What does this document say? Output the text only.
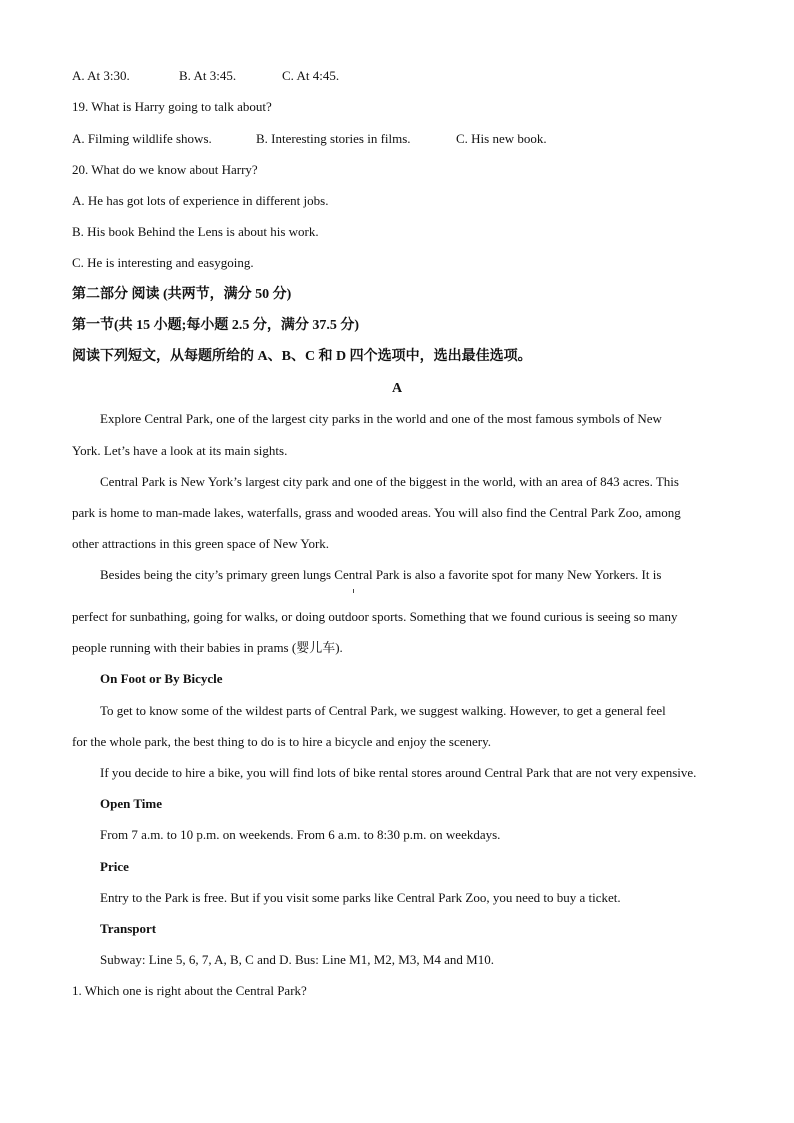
A. At 3:30.	B. At 3:45.	C. At 4:45.
19. What is Harry going to talk about?
A. Filming wildlife shows.	B. Interesting stories in films.	C. His new book.
20. What do we know about Harry?
A. He has got lots of experience in different jobs.
B. His book Behind the Lens is about his work.
C. He is interesting and easygoing.
第二部分 阅读 (共两节，满分 50 分)
第一节(共 15 小题;每小题 2.5 分，满分 37.5 分)
阅读下列短文，从每题所给的 A、B、C 和 D 四个选项中，选出最佳选项。
A
Explore Central Park, one of the largest city parks in the world and one of the most famous symbols of New
York. Let’s have a look at its main sights.
Central Park is New York’s largest city park and one of the biggest in the world, with an area of 843 acres. This
park is home to man-made lakes, waterfalls, grass and wooded areas. You will also find the Central Park Zoo, among
other attractions in this green space of New York.
Besides being the city’s primary green lungs Central Park is also a favorite spot for many New Yorkers. It is
perfect for sunbathing, going for walks, or doing outdoor sports. Something that we found curious is seeing so many
people running with their babies in prams (婴儿车).
On Foot or By Bicycle
To get to know some of the wildest parts of Central Park, we suggest walking. However, to get a general feel
for the whole park, the best thing to do is to hire a bicycle and enjoy the scenery.
If you decide to hire a bike, you will find lots of bike rental stores around Central Park that are not very expensive.
Open Time
From 7 a.m. to 10 p.m. on weekends. From 6 a.m. to 8:30 p.m. on weekdays.
Price
Entry to the Park is free. But if you visit some parks like Central Park Zoo, you need to buy a ticket.
Transport
Subway: Line 5, 6, 7, A, B, C and D. Bus: Line M1, M2, M3, M4 and M10.
1. Which one is right about the Central Park?
